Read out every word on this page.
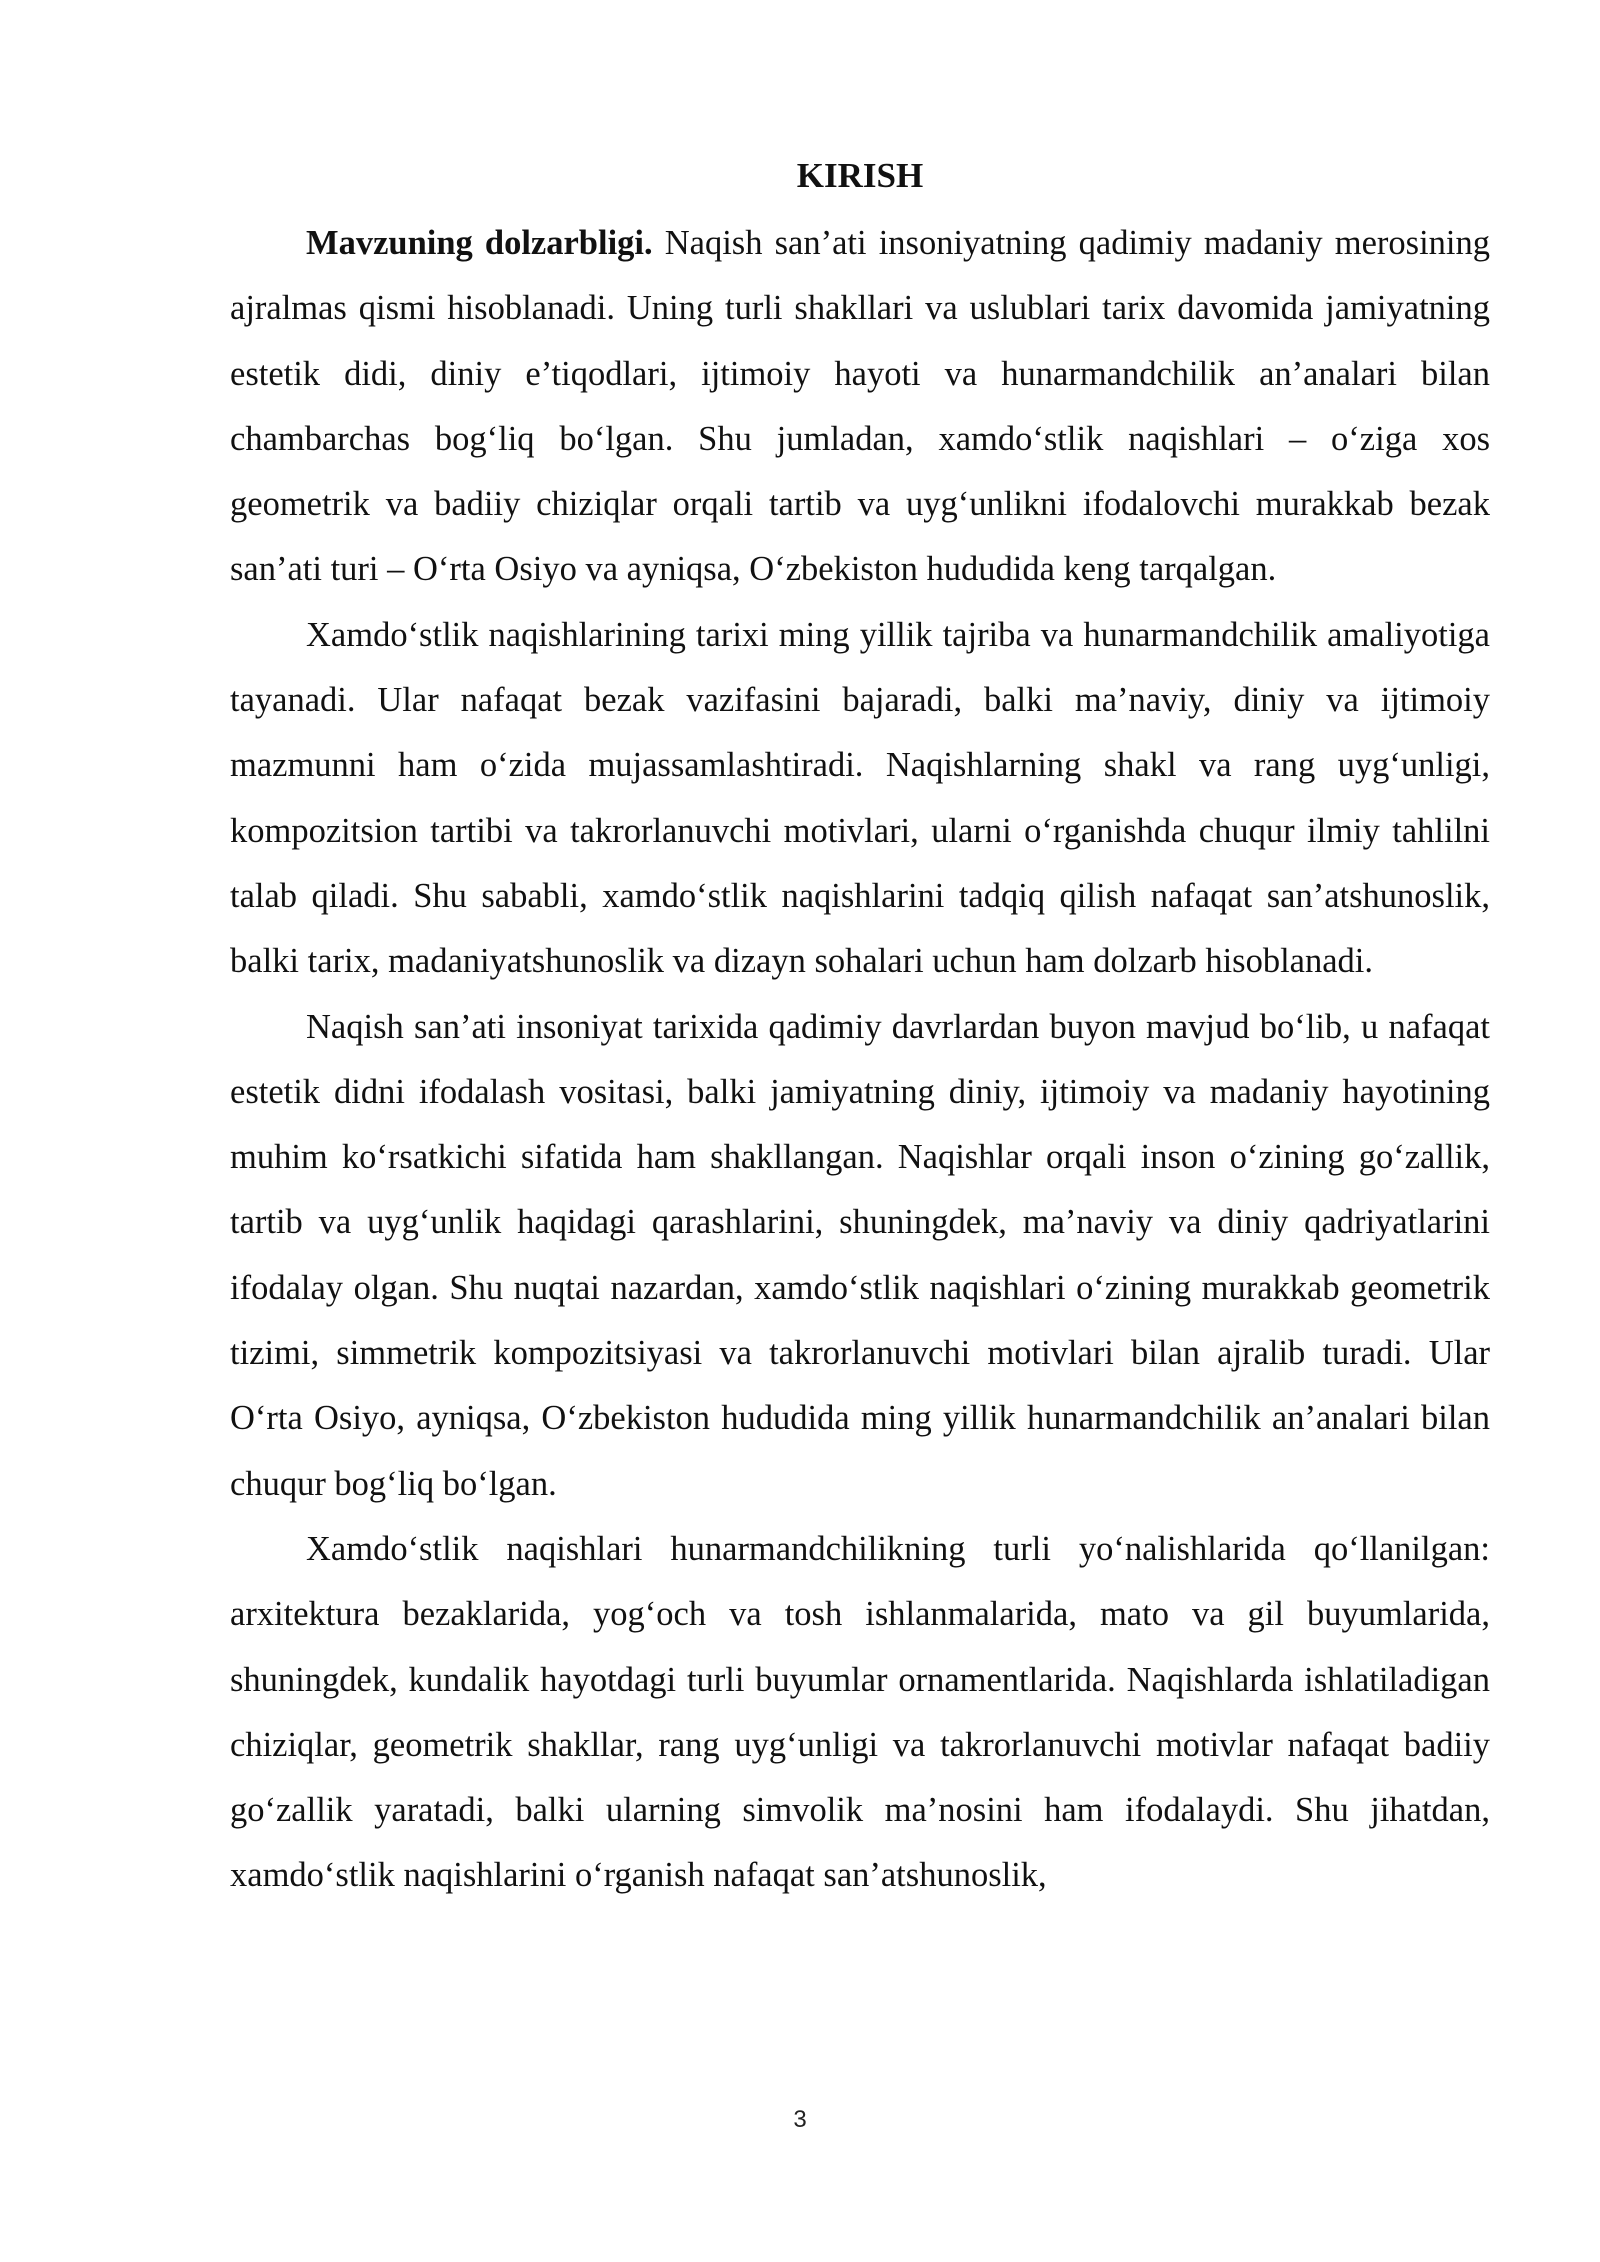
KIRISH

Mavzuning dolzarbligi. Naqish san’ati insoniyatning qadimiy madaniy merosining ajralmas qismi hisoblanadi. Uning turli shakllari va uslublari tarix davomida jamiyatning estetik didi, diniy e’tiqodlari, ijtimoiy hayoti va hunarmandchilik an’analari bilan chambarchas bog‘liq bo‘lgan. Shu jumladan, xamdo‘stlik naqishlari – o‘ziga xos geometrik va badiiy chiziqlar orqali tartib va uyg‘unlikni ifodalovchi murakkab bezak san’ati turi – O‘rta Osiyo va ayniqsa, O‘zbekiston hududida keng tarqalgan.

Xamdo‘stlik naqishlarining tarixi ming yillik tajriba va hunarmandchilik amaliyotiga tayanadi. Ular nafaqat bezak vazifasini bajaradi, balki ma’naviy, diniy va ijtimoiy mazmunni ham o‘zida mujassamlashtiradi. Naqishlarning shakl va rang uyg‘unligi, kompozitsion tartibi va takrorlanuvchi motivlari, ularni o‘rganishda chuqur ilmiy tahlilni talab qiladi. Shu sababli, xamdo‘stlik naqishlarini tadqiq qilish nafaqat san’atshunoslik, balki tarix, madaniyatshunoslik va dizayn sohalari uchun ham dolzarb hisoblanadi.

Naqish san’ati insoniyat tarixida qadimiy davrlardan buyon mavjud bo‘lib, u nafaqat estetik didni ifodalash vositasi, balki jamiyatning diniy, ijtimoiy va madaniy hayotining muhim ko‘rsatkichi sifatida ham shakllangan. Naqishlar orqali inson o‘zining go‘zallik, tartib va uyg‘unlik haqidagi qarashlarini, shuningdek, ma’naviy va diniy qadriyatlarini ifodalay olgan. Shu nuqtai nazardan, xamdo‘stlik naqishlari o‘zining murakkab geometrik tizimi, simmetrik kompozitsiyasi va takrorlanuvchi motivlari bilan ajralib turadi. Ular O‘rta Osiyo, ayniqsa, O‘zbekiston hududida ming yillik hunarmandchilik an’analari bilan chuqur bog‘liq bo‘lgan.

Xamdo‘stlik naqishlari hunarmandchilikning turli yo‘nalishlarida qo‘llanilgan: arxitektura bezaklarida, yog‘och va tosh ishlanmalarida, mato va gil buyumlarida, shuningdek, kundalik hayotdagi turli buyumlar ornamentlarida. Naqishlarda ishlatiladigan chiziqlar, geometrik shakllar, rang uyg‘unligi va takrorlanuvchi motivlar nafaqat badiiy go‘zallik yaratadi, balki ularning simvolik ma’nosini ham ifodalaydi. Shu jihatdan, xamdo‘stlik naqishlarini o‘rganish nafaqat san’atshunoslik,

3
